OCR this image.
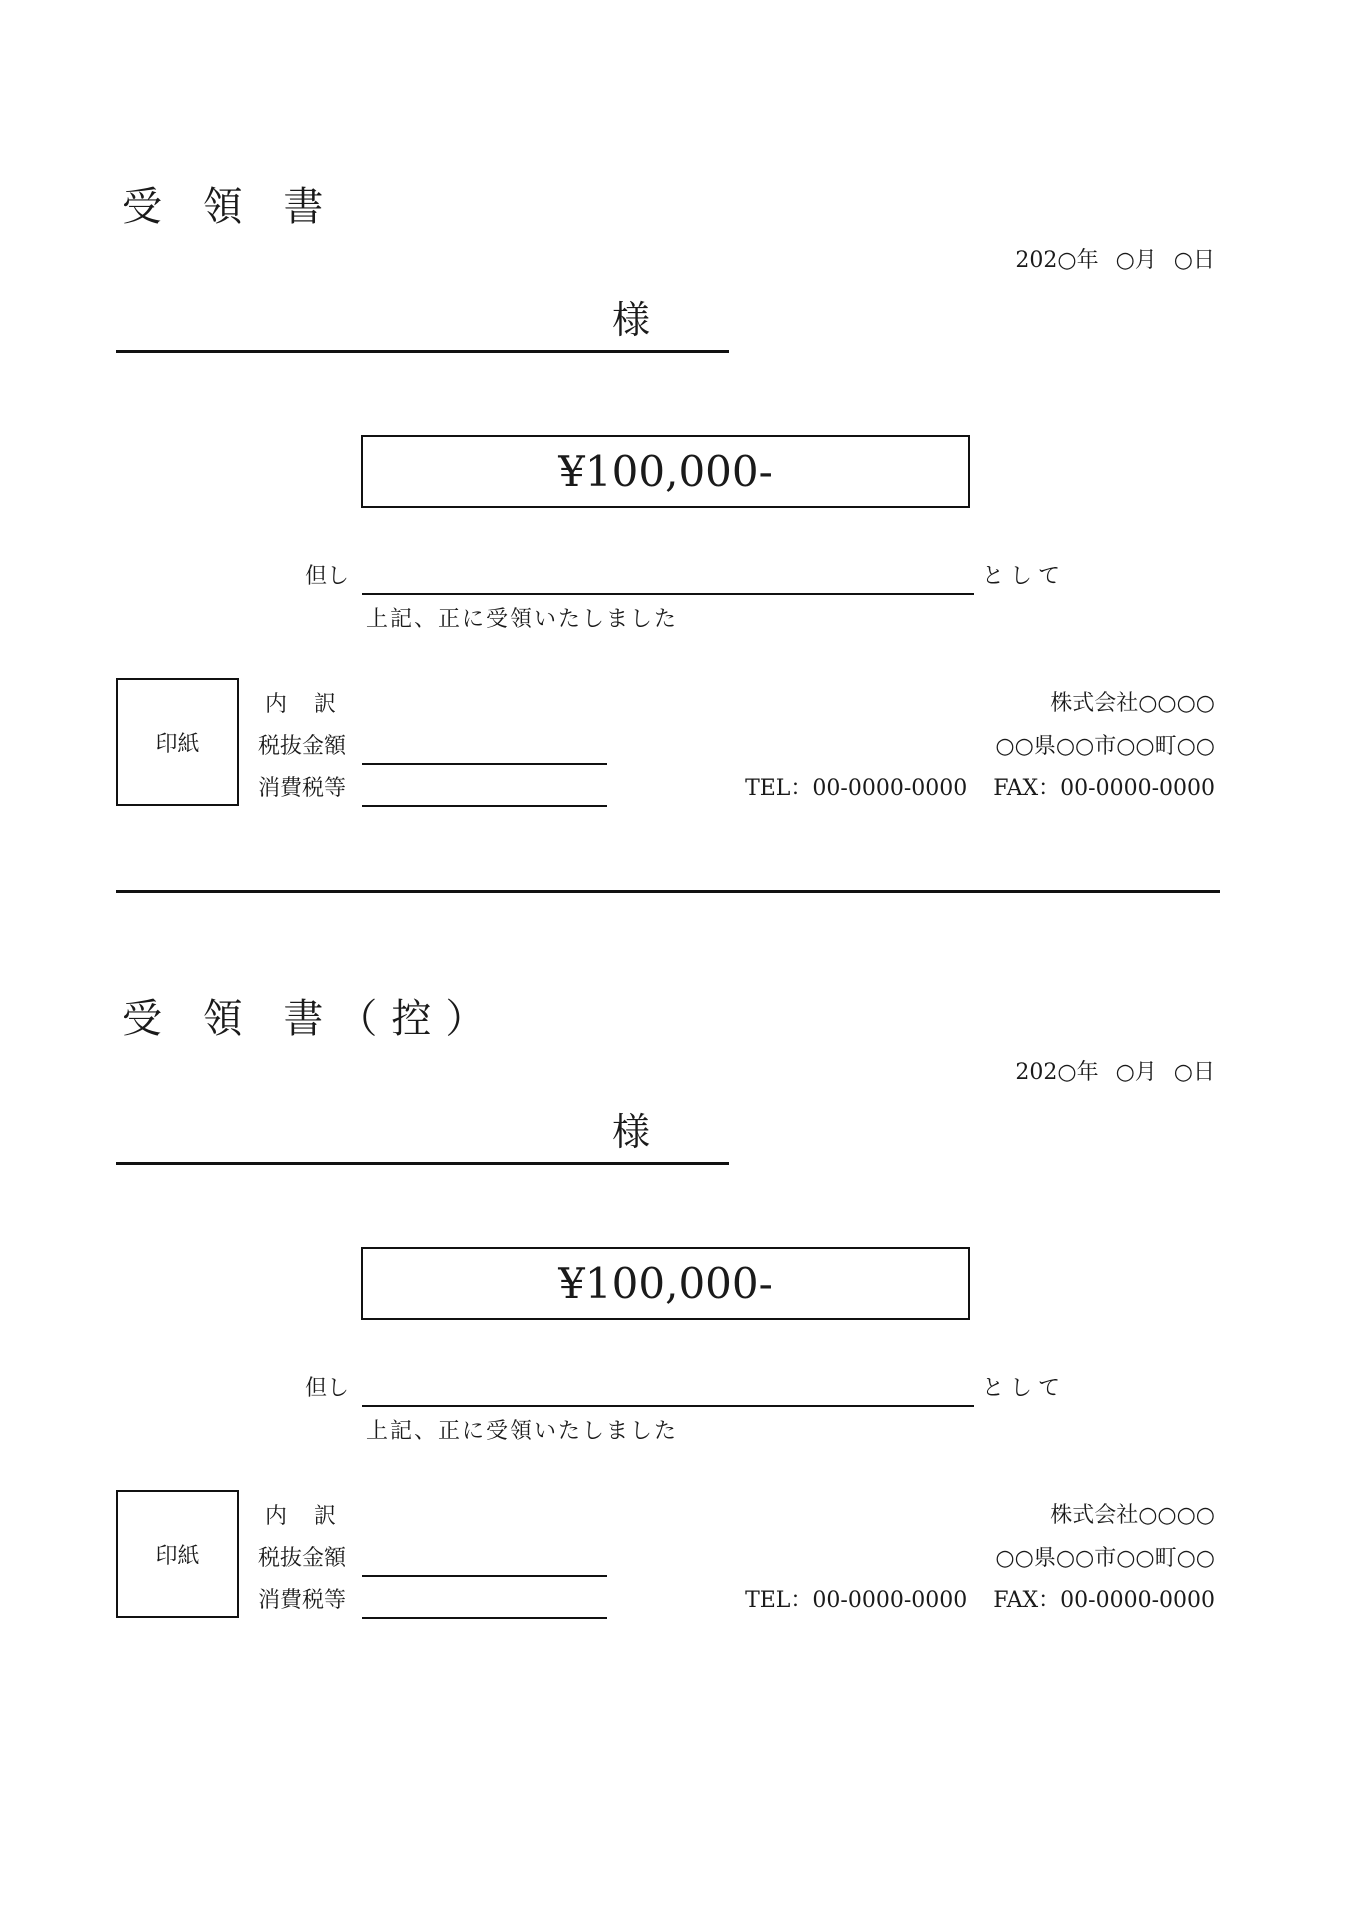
受 領 書
202○年 ○月 ○日
様
¥100,000-
但し	として
上記、正に受領いたしました
印紙
内 訳
税抜金額
消費税等
株式会社○○○○
○○県○○市○○町○○
TEL：00-0000-0000 FAX：00-0000-0000
受 領 書（控）
202○年 ○月 ○日
様
¥100,000-
但し	として
上記、正に受領いたしました
印紙
内 訳
税抜金額
消費税等
株式会社○○○○
○○県○○市○○町○○
TEL：00-0000-0000 FAX：00-0000-0000
